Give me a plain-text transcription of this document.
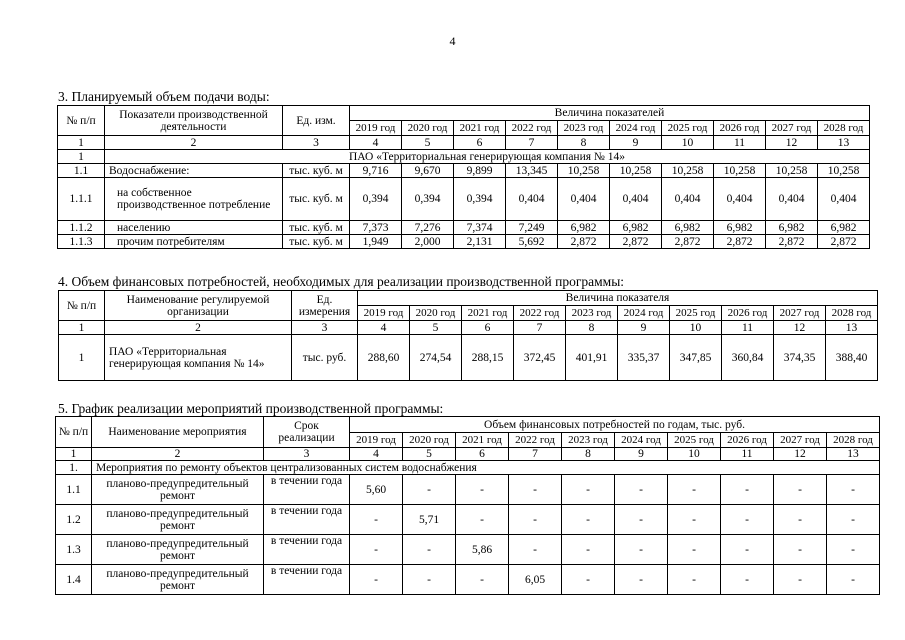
4
3. Планируемый объем подачи воды:
№ п/п	Показатели производственной деятельности	Ед. изм.	Величина показателей									
			2019 год	2020 год	2021 год	2022 год	2023 год	2024 год	2025 год	2026 год	2027 год	2028 год
1	2	3	4	5	6	7	8	9	10	11	12	13
1	ПАО «Территориальная генерирующая компания № 14»											
1.1	Водоснабжение:	тыс. куб. м	9,716	9,670	9,899	13,345	10,258	10,258	10,258	10,258	10,258	10,258
1.1.1	на собственное производственное потребление	тыс. куб. м	0,394	0,394	0,394	0,404	0,404	0,404	0,404	0,404	0,404	0,404
1.1.2	населению	тыс. куб. м	7,373	7,276	7,374	7,249	6,982	6,982	6,982	6,982	6,982	6,982
1.1.3	прочим потребителям	тыс. куб. м	1,949	2,000	2,131	5,692	2,872	2,872	2,872	2,872	2,872	2,872
4. Объем финансовых потребностей, необходимых для реализации производственной программы:
№ п/п	Наименование регулируемой организации	Ед. измерения	Величина показателя									
			2019 год	2020 год	2021 год	2022 год	2023 год	2024 год	2025 год	2026 год	2027 год	2028 год
1	2	3	4	5	6	7	8	9	10	11	12	13
1	ПАО «Территориальная генерирующая компания № 14»	тыс. руб.	288,60	274,54	288,15	372,45	401,91	335,37	347,85	360,84	374,35	388,40
5. График реализации мероприятий производственной программы:
№ п/п	Наименование мероприятия	Срок реализации	Объем финансовых потребностей по годам, тыс. руб.									
			2019 год	2020 год	2021 год	2022 год	2023 год	2024 год	2025 год	2026 год	2027 год	2028 год
1	2	3	4	5	6	7	8	9	10	11	12	13
1.	Мероприятия по ремонту объектов централизованных систем водоснабжения											
1.1	планово-предупредительный ремонт	в течении года	5,60	-	-	-	-	-	-	-	-	-
1.2	планово-предупредительный ремонт	в течении года	-	5,71	-	-	-	-	-	-	-	-
1.3	планово-предупредительный ремонт	в течении года	-	-	5,86	-	-	-	-	-	-	-
1.4	планово-предупредительный ремонт	в течении года	-	-	-	6,05	-	-	-	-	-	-
